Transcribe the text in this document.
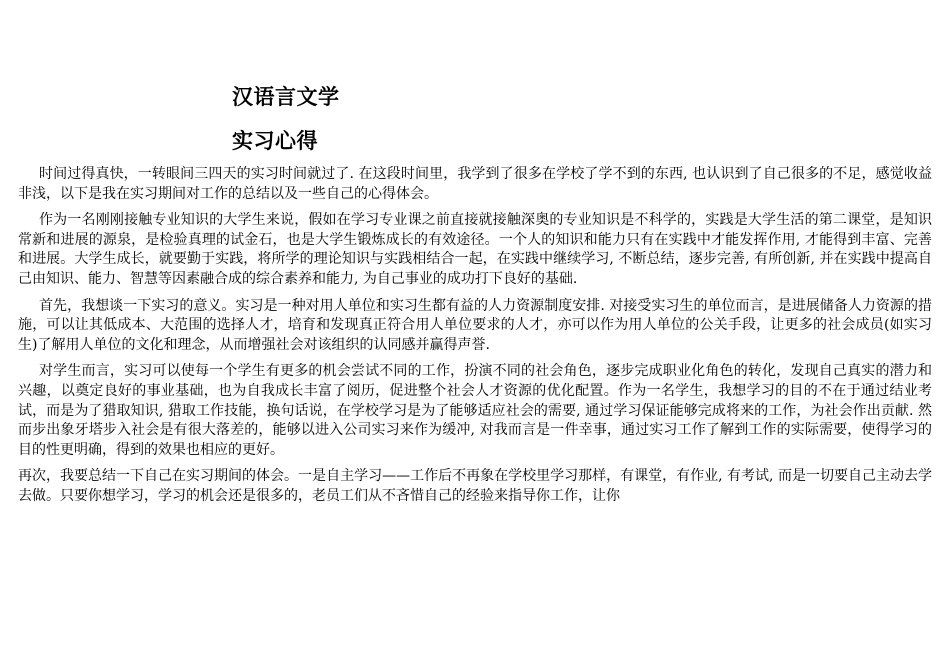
汉语言文学
实习心得

时间过得真快，一转眼间三四天的实习时间就过了. 在这段时间里，我学到了很多在学校了学不到的东西, 也认识到了自己很多的不足，感觉收益非浅，以下是我在实习期间对工作的总结以及一些自己的心得体会。

作为一名刚刚接触专业知识的大学生来说，假如在学习专业课之前直接就接触深奥的专业知识是不科学的，实践是大学生活的第二课堂，是知识常新和进展的源泉，是检验真理的试金石，也是大学生锻炼成长的有效途径。一个人的知识和能力只有在实践中才能发挥作用, 才能得到丰富、完善和进展。大学生成长，就要勤于实践，将所学的理论知识与实践相结合一起，在实践中继续学习, 不断总结，逐步完善, 有所创新, 并在实践中提高自己由知识、能力、智慧等因素融合成的综合素养和能力, 为自己事业的成功打下良好的基础.

首先，我想谈一下实习的意义。实习是一种对用人单位和实习生都有益的人力资源制度安排. 对接受实习生的单位而言，是进展储备人力资源的措施，可以让其低成本、大范围的选择人才，培育和发现真正符合用人单位要求的人才，亦可以作为用人单位的公关手段，让更多的社会成员(如实习生)了解用人单位的文化和理念，从而增强社会对该组织的认同感并赢得声誉.

对学生而言，实习可以使每一个学生有更多的机会尝试不同的工作，扮演不同的社会角色，逐步完成职业化角色的转化，发现自己真实的潜力和兴趣，以奠定良好的事业基础，也为自我成长丰富了阅历，促进整个社会人才资源的优化配置。作为一名学生，我想学习的目的不在于通过结业考试，而是为了猎取知识, 猎取工作技能，换句话说，在学校学习是为了能够适应社会的需要, 通过学习保证能够完成将来的工作，为社会作出贡献. 然而步出象牙塔步入社会是有很大落差的，能够以进入公司实习来作为缓冲, 对我而言是一件幸事，通过实习工作了解到工作的实际需要，使得学习的目的性更明确，得到的效果也相应的更好。

再次，我要总结一下自己在实习期间的体会。一是自主学习——工作后不再象在学校里学习那样，有课堂，有作业, 有考试, 而是一切要自己主动去学去做。只要你想学习，学习的机会还是很多的，老员工们从不吝惜自己的经验来指导你工作，让你
